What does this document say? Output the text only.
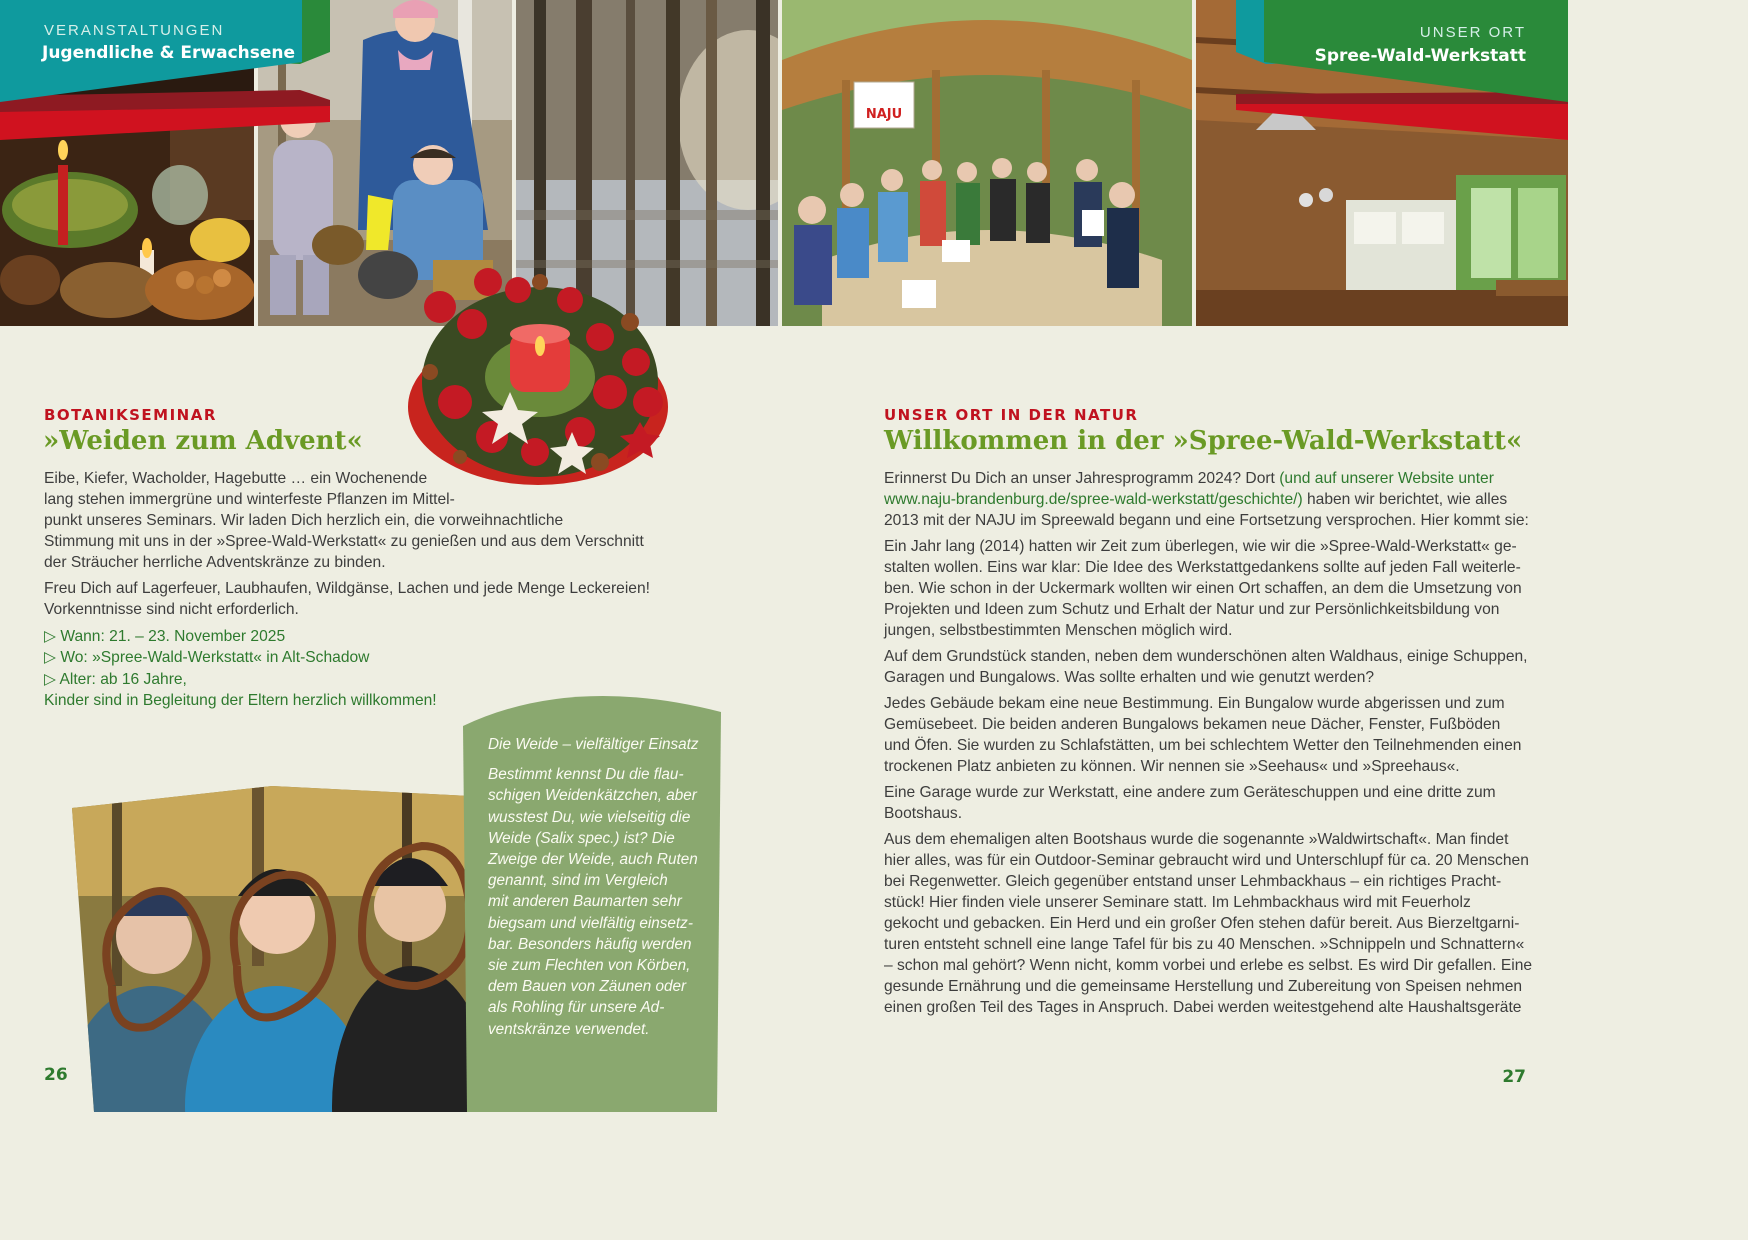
NAJU
VERANSTALTUNGEN
Jugendliche & Erwachsene
UNSER ORT
Spree-Wald-Werkstatt
BOTANIKSEMINAR
»Weiden zum Advent«

Eibe, Kiefer, Wacholder, Hagebutte … ein Wochenende
lang stehen immergrüne und winterfeste Pflanzen im Mittel-
punkt unseres Seminars. Wir laden Dich herzlich ein, die vorweihnachtliche
Stimmung mit uns in der »Spree-Wald-Werkstatt« zu genießen und aus dem Verschnitt
der Sträucher herrliche Adventskränze zu binden.

Freu Dich auf Lagerfeuer, Laubhaufen, Wildgänse, Lachen und jede Menge Leckereien!
Vorkenntnisse sind nicht erforderlich.

▷ Wann: 21. – 23. November 2025
▷ Wo: »Spree-Wald-Werkstatt« in Alt-Schadow
▷ Alter: ab 16 Jahre,
Kinder sind in Begleitung der Eltern herzlich willkommen!

Die Weide – vielfältiger Einsatz

Bestimmt kennst Du die flau-
schigen Weidenkätzchen, aber
wusstest Du, wie vielseitig die
Weide (Salix spec.) ist? Die
Zweige der Weide, auch Ruten
genannt, sind im Vergleich
mit anderen Baumarten sehr
biegsam und vielfältig einsetz-
bar. Besonders häufig werden
sie zum Flechten von Körben,
dem Bauen von Zäunen oder
als Rohling für unsere Ad-
ventskränze verwendet.

26
UNSER ORT IN DER NATUR
Willkommen in der »Spree-Wald-Werkstatt«

Erinnerst Du Dich an unser Jahresprogramm 2024? Dort (und auf unserer Website unter
www.naju-brandenburg.de/spree-wald-werkstatt/geschichte/) haben wir berichtet, wie alles
2013 mit der NAJU im Spreewald begann und eine Fortsetzung versprochen. Hier kommt sie:

Ein Jahr lang (2014) hatten wir Zeit zum überlegen, wie wir die »Spree-Wald-Werkstatt« ge-
stalten wollen. Eins war klar: Die Idee des Werkstattgedankens sollte auf jeden Fall weiterle-
ben. Wie schon in der Uckermark wollten wir einen Ort schaffen, an dem die Umsetzung von
Projekten und Ideen zum Schutz und Erhalt der Natur und zur Persönlichkeitsbildung von
jungen, selbstbestimmten Menschen möglich wird.

Auf dem Grundstück standen, neben dem wunderschönen alten Waldhaus, einige Schuppen,
Garagen und Bungalows. Was sollte erhalten und wie genutzt werden?

Jedes Gebäude bekam eine neue Bestimmung. Ein Bungalow wurde abgerissen und zum
Gemüsebeet. Die beiden anderen Bungalows bekamen neue Dächer, Fenster, Fußböden
und Öfen. Sie wurden zu Schlafstätten, um bei schlechtem Wetter den Teilnehmenden einen
trockenen Platz anbieten zu können. Wir nennen sie »Seehaus« und »Spreehaus«.

Eine Garage wurde zur Werkstatt, eine andere zum Geräteschuppen und eine dritte zum
Bootshaus.

Aus dem ehemaligen alten Bootshaus wurde die sogenannte »Waldwirtschaft«. Man findet
hier alles, was für ein Outdoor-Seminar gebraucht wird und Unterschlupf für ca. 20 Menschen
bei Regenwetter. Gleich gegenüber entstand unser Lehmbackhaus – ein richtiges Pracht-
stück! Hier finden viele unserer Seminare statt. Im Lehmbackhaus wird mit Feuerholz
gekocht und gebacken. Ein Herd und ein großer Ofen stehen dafür bereit. Aus Bierzeltgarni-
turen entsteht schnell eine lange Tafel für bis zu 40 Menschen. »Schnippeln und Schnattern«
– schon mal gehört? Wenn nicht, komm vorbei und erlebe es selbst. Es wird Dir gefallen. Eine
gesunde Ernährung und die gemeinsame Herstellung und Zubereitung von Speisen nehmen
einen großen Teil des Tages in Anspruch. Dabei werden weitestgehend alte Haushaltsgeräte

27
